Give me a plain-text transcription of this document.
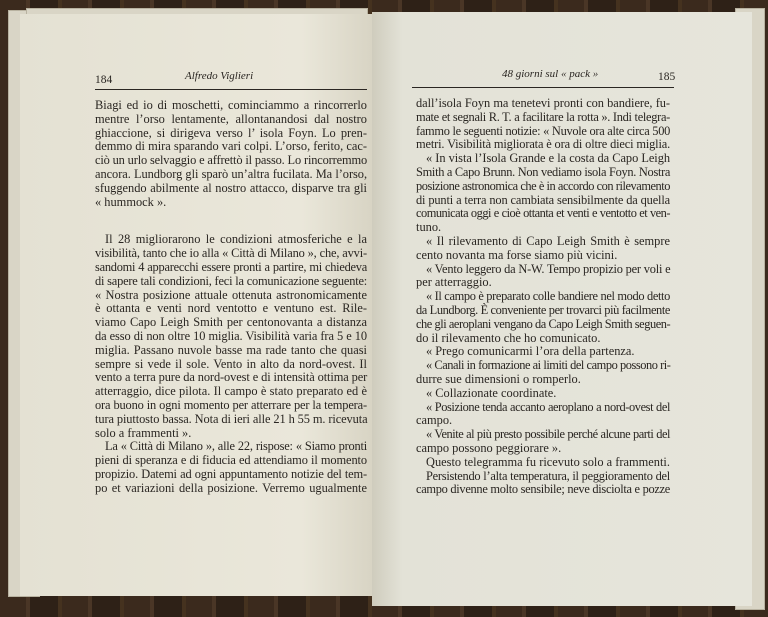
184	Alfredo Viglieri
Biagi ed io di moschetti, cominciammo a rincorrerlo
mentre l’orso lentamente, allontanandosi dal nostro
ghiaccione, si dirigeva verso l’ isola Foyn. Lo pren-
demmo di mira sparando vari colpi. L’orso, ferito, cac-
ciò un urlo selvaggio e affrettò il passo. Lo rincorremmo
ancora. Lundborg gli sparò un’altra fucilata. Ma l’orso,
sfuggendo abilmente al nostro attacco, disparve tra gli
« hummock ».
Il 28 migliorarono le condizioni atmosferiche e la
visibilità, tanto che io alla « Città di Milano », che, avvi-
sandomi 4 apparecchi essere pronti a partire, mi chiedeva
di sapere tali condizioni, feci la comunicazione seguente:
« Nostra posizione attuale ottenuta astronomicamente
è ottanta e venti nord ventotto e ventuno est. Rile-
viamo Capo Leigh Smith per centonovanta a distanza
da esso di non oltre 10 miglia. Visibilità varia fra 5 e 10
miglia. Passano nuvole basse ma rade tanto che quasi
sempre si vede il sole. Vento in alto da nord-ovest. Il
vento a terra pure da nord-ovest e di intensità ottima per
atterraggio, dice pilota. Il campo è stato preparato ed è
ora buono in ogni momento per atterrare per la tempera-
tura piuttosto bassa. Nota di ieri alle 21 h 55 m. ricevuta
solo a frammenti ».
La « Città di Milano », alle 22, rispose: « Siamo pronti
pieni di speranza e di fiducia ed attendiamo il momento
propizio. Datemi ad ogni appuntamento notizie del tem-
po et variazioni della posizione. Verremo ugualmente
48 giorni sul « pack »	185
dall’isola Foyn ma tenetevi pronti con bandiere, fu-
mate et segnali R. T. a facilitare la rotta ». Indi telegra-
fammo le seguenti notizie: « Nuvole ora alte circa 500
metri. Visibilità migliorata è ora di oltre dieci miglia.
« In vista l’Isola Grande e la costa da Capo Leigh
Smith a Capo Brunn. Non vediamo isola Foyn. Nostra
posizione astronomica che è in accordo con rilevamento
di punti a terra non cambiata sensibilmente da quella
comunicata oggi e cioè ottanta et venti e ventotto et ven-
tuno.
« Il rilevamento di Capo Leigh Smith è sempre
cento novanta ma forse siamo più vicini.
« Vento leggero da N-W. Tempo propizio per voli e
per atterraggio.
« Il campo è preparato colle bandiere nel modo detto
da Lundborg. È conveniente per trovarci più facilmente
che gli aeroplani vengano da Capo Leigh Smith seguen-
do il rilevamento che ho comunicato.
« Prego comunicarmi l’ora della partenza.
« Canali in formazione ai limiti del campo possono ri-
durre sue dimensioni o romperlo.
« Collazionate coordinate.
« Posizione tenda accanto aeroplano a nord-ovest del
campo.
« Venite al più presto possibile perché alcune parti del
campo possono peggiorare ».
Questo telegramma fu ricevuto solo a frammenti.
Persistendo l’alta temperatura, il peggioramento del
campo divenne molto sensibile; neve disciolta e pozze
